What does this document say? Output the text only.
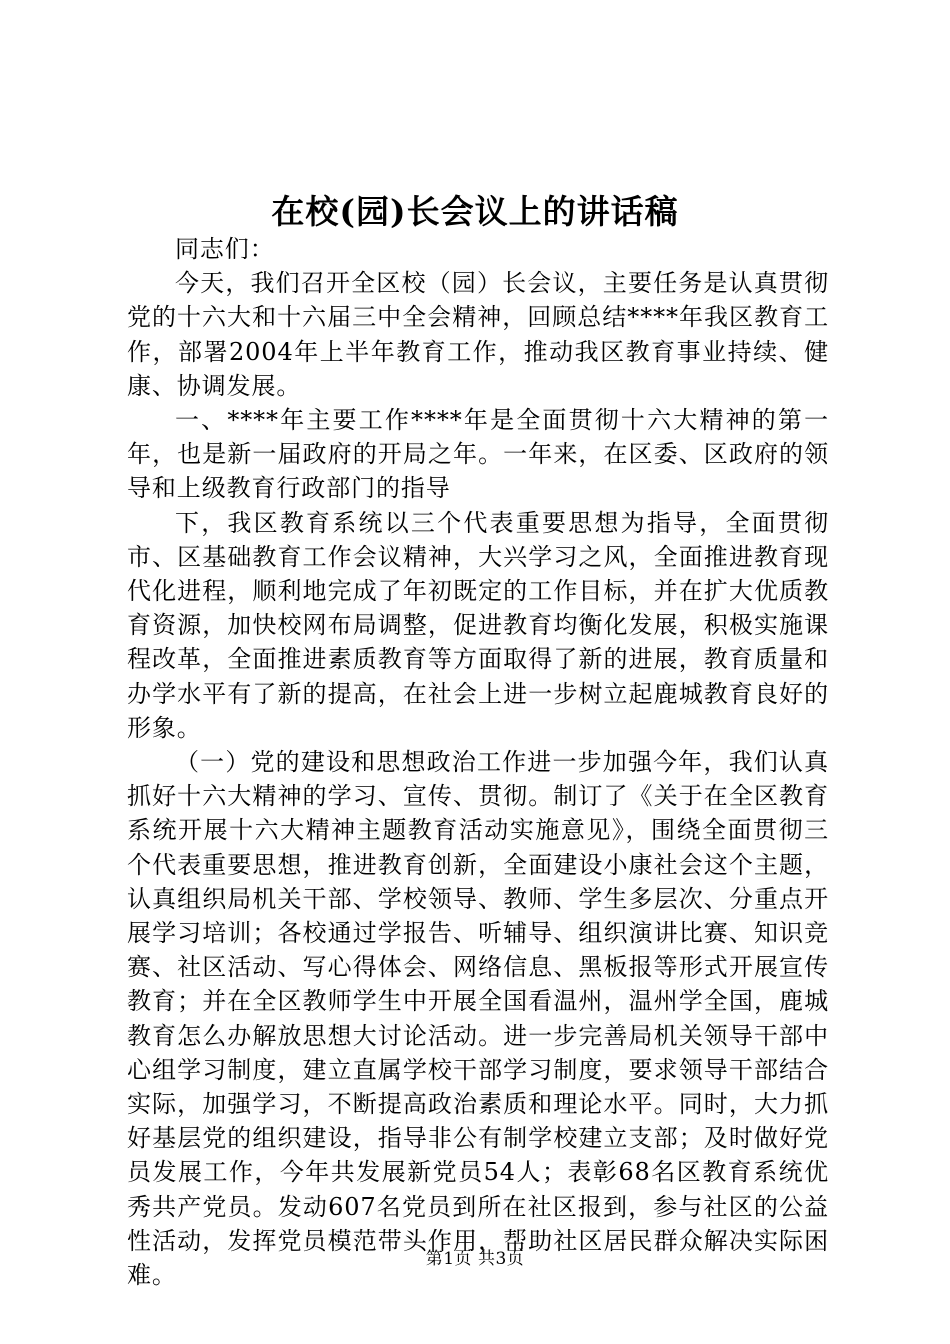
在校(园)长会议上的讲话稿

同志们：

今天，我们召开全区校（园）长会议，主要任务是认真贯彻党的十六大和十六届三中全会精神，回顾总结****年我区教育工作，部署2004年上半年教育工作，推动我区教育事业持续、健康、协调发展。

一、****年主要工作****年是全面贯彻十六大精神的第一年，也是新一届政府的开局之年。一年来，在区委、区政府的领导和上级教育行政部门的指导

下，我区教育系统以三个代表重要思想为指导，全面贯彻市、区基础教育工作会议精神，大兴学习之风，全面推进教育现代化进程，顺利地完成了年初既定的工作目标，并在扩大优质教育资源，加快校网布局调整，促进教育均衡化发展，积极实施课程改革，全面推进素质教育等方面取得了新的进展，教育质量和办学水平有了新的提高，在社会上进一步树立起鹿城教育良好的形象。

（一）党的建设和思想政治工作进一步加强今年，我们认真抓好十六大精神的学习、宣传、贯彻。制订了《关于在全区教育系统开展十六大精神主题教育活动实施意见》，围绕全面贯彻三个代表重要思想，推进教育创新，全面建设小康社会这个主题，认真组织局机关干部、学校领导、教师、学生多层次、分重点开展学习培训；各校通过学报告、听辅导、组织演讲比赛、知识竞赛、社区活动、写心得体会、网络信息、黑板报等形式开展宣传教育；并在全区教师学生中开展全国看温州，温州学全国，鹿城教育怎么办解放思想大讨论活动。进一步完善局机关领导干部中心组学习制度，建立直属学校干部学习制度，要求领导干部结合实际，加强学习，不断提高政治素质和理论水平。同时，大力抓好基层党的组织建设，指导非公有制学校建立支部；及时做好党员发展工作，今年共发展新党员54人；表彰68名区教育系统优秀共产党员。发动607名党员到所在社区报到，参与社区的公益性活动，发挥党员模范带头作用，帮助社区居民群众解决实际困难。

第1页 共3页
